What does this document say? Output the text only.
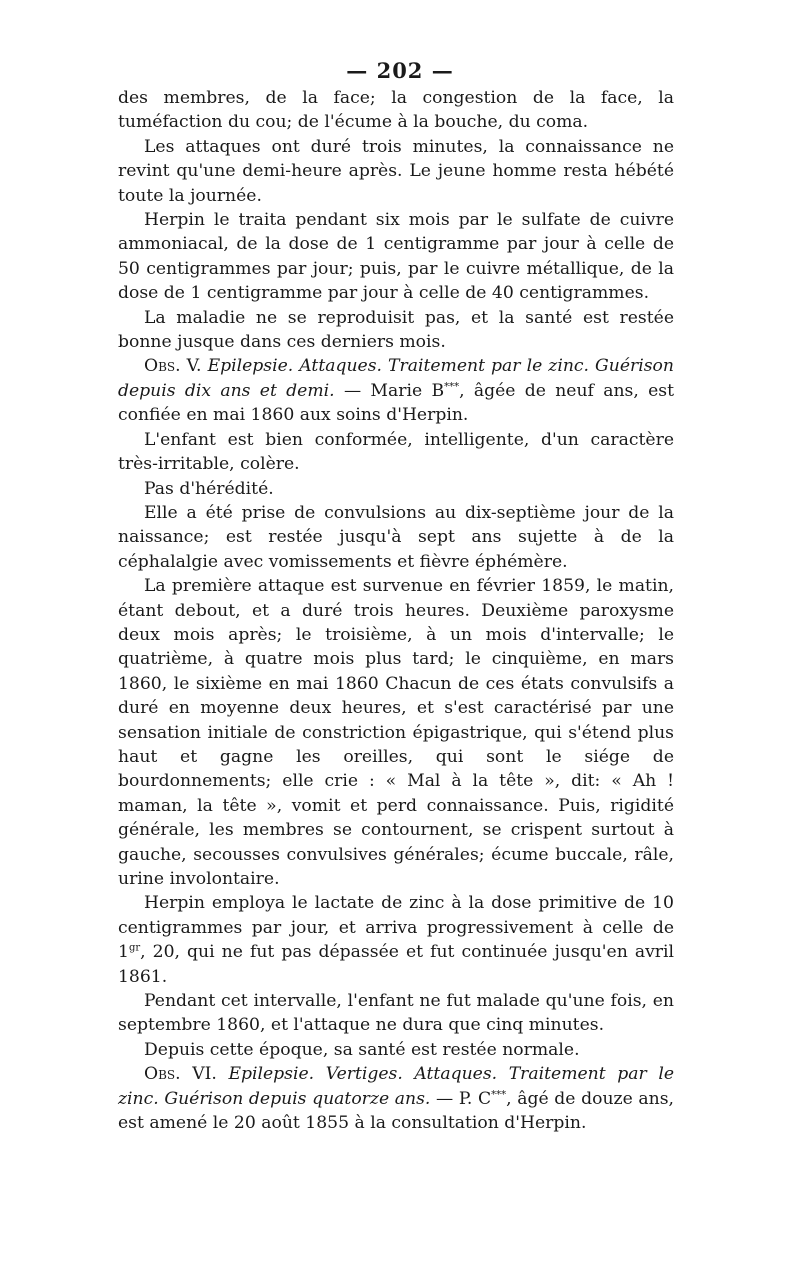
— 202 —

des membres, de la face; la congestion de la face, la tuméfaction du cou; de l'écume à la bouche, du coma.

Les attaques ont duré trois minutes, la connaissance ne revint qu'une demi-heure après. Le jeune homme resta hébété toute la journée.

Herpin le traita pendant six mois par le sulfate de cuivre ammoniacal, de la dose de 1 centigramme par jour à celle de 50 centigrammes par jour; puis, par le cuivre métallique, de la dose de 1 centigramme par jour à celle de 40 centigrammes.

La maladie ne se reproduisit pas, et la santé est restée bonne jusque dans ces derniers mois.

Obs. V. Epilepsie. Attaques. Traitement par le zinc. Guérison depuis dix ans et demi. — Marie B***, âgée de neuf ans, est confiée en mai 1860 aux soins d'Herpin.

L'enfant est bien conformée, intelligente, d'un caractère très-irritable, colère.

Pas d'hérédité.

Elle a été prise de convulsions au dix-septième jour de la naissance; est restée jusqu'à sept ans sujette à de la céphalalgie avec vomissements et fièvre éphémère.

La première attaque est survenue en février 1859, le matin, étant debout, et a duré trois heures. Deuxième paroxysme deux mois après; le troisième, à un mois d'intervalle; le quatrième, à quatre mois plus tard; le cinquième, en mars 1860, le sixième en mai 1860 Chacun de ces états convulsifs a duré en moyenne deux heures, et s'est caractérisé par une sensation initiale de constriction épigastrique, qui s'étend plus haut et gagne les oreilles, qui sont le siége de bourdonnements; elle crie : « Mal à la tête », dit: « Ah ! maman, la tête », vomit et perd connaissance. Puis, rigidité générale, les membres se contournent, se crispent surtout à gauche, secousses convulsives générales; écume buccale, râle, urine involontaire.

Herpin employa le lactate de zinc à la dose primitive de 10 centigrammes par jour, et arriva progressivement à celle de $1^{gr}$, 20, qui ne fut pas dépassée et fut continuée jusqu'en avril 1861.

Pendant cet intervalle, l'enfant ne fut malade qu'une fois, en septembre 1860, et l'attaque ne dura que cinq minutes.

Depuis cette époque, sa santé est restée normale.

Obs. VI. Epilepsie. Vertiges. Attaques. Traitement par le zinc. Guérison depuis quatorze ans. — P. C***, âgé de douze ans, est amené le 20 août 1855 à la consultation d'Herpin.
